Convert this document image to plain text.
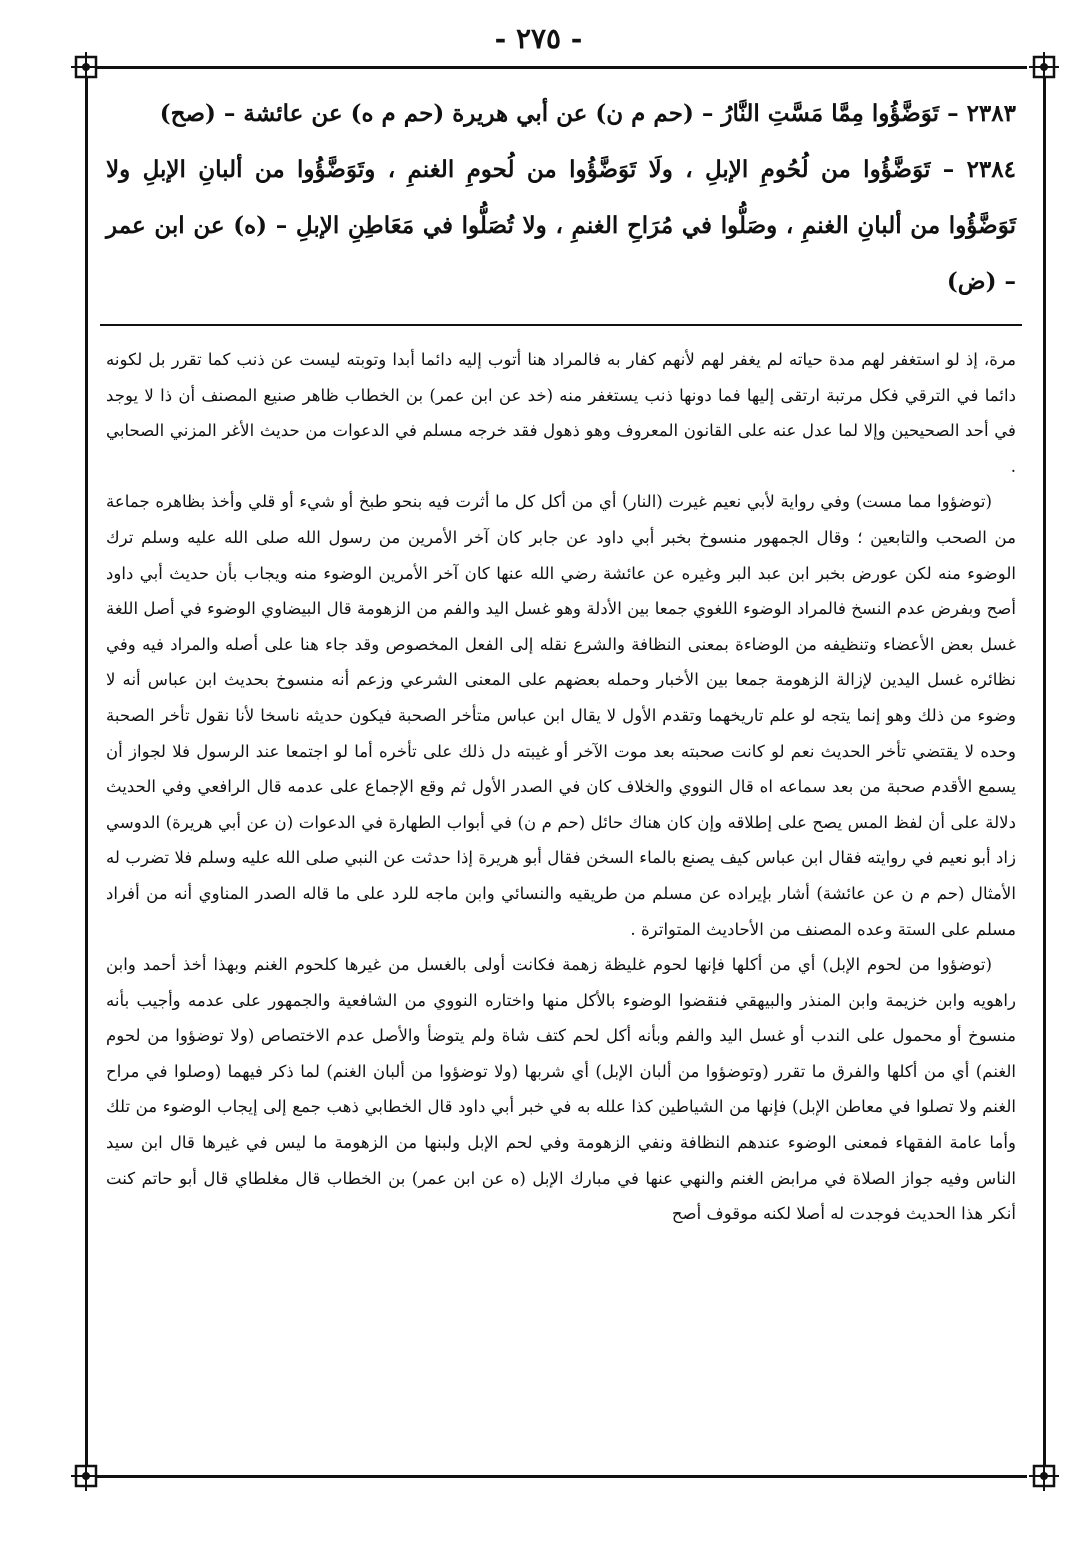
- ٢٧٥ -

٢٣٨٣ – تَوَضَّؤُوا مِمَّا مَسَّتِ النَّارُ – (حم م ن) عن أبي هريرة (حم م ه) عن عائشة – (صح)

٢٣٨٤ – تَوَضَّؤُوا من لُحُومِ الإبلِ ، ولَا تَوَضَّؤُوا من لُحومِ الغنمِ ، وتَوَضَّؤُوا من ألبانِ الإبلِ ولا تَوَضَّؤُوا من ألبانِ الغنمِ ، وصَلُّوا في مُرَاحِ الغنمِ ، ولا تُصَلُّوا في مَعَاطِنِ الإبلِ – (ه) عن ابن عمر – (ض)

مرة، إذ لو استغفر لهم مدة حياته لم يغفر لهم لأنهم كفار به فالمراد هنا أتوب إليه دائما أبدا وتوبته ليست عن ذنب كما تقرر بل لكونه دائما في الترقي فكل مرتبة ارتقى إليها فما دونها ذنب يستغفر منه (خد عن ابن عمر) بن الخطاب ظاهر صنيع المصنف أن ذا لا يوجد في أحد الصحيحين وإلا لما عدل عنه على القانون المعروف وهو ذهول فقد خرجه مسلم في الدعوات من حديث الأغر المزني الصحابي .

(توضؤوا مما مست) وفي رواية لأبي نعيم غيرت (النار) أي من أكل كل ما أثرت فيه بنحو طبخ أو شيء أو قلي وأخذ بظاهره جماعة من الصحب والتابعين ؛ وقال الجمهور منسوخ بخبر أبي داود عن جابر كان آخر الأمرين من رسول الله صلى الله عليه وسلم ترك الوضوء منه لكن عورض بخبر ابن عبد البر وغيره عن عائشة رضي الله عنها كان آخر الأمرين الوضوء منه ويجاب بأن حديث أبي داود أصح وبفرض عدم النسخ فالمراد الوضوء اللغوي جمعا بين الأدلة وهو غسل اليد والفم من الزهومة قال البيضاوي الوضوء في أصل اللغة غسل بعض الأعضاء وتنظيفه من الوضاءة بمعنى النظافة والشرع نقله إلى الفعل المخصوص وقد جاء هنا على أصله والمراد فيه وفي نظائره غسل اليدين لإزالة الزهومة جمعا بين الأخبار وحمله بعضهم على المعنى الشرعي وزعم أنه منسوخ بحديث ابن عباس أنه لا وضوء من ذلك وهو إنما يتجه لو علم تاريخهما وتقدم الأول لا يقال ابن عباس متأخر الصحبة فيكون حديثه ناسخا لأنا نقول تأخر الصحبة وحده لا يقتضي تأخر الحديث نعم لو كانت صحبته بعد موت الآخر أو غيبته دل ذلك على تأخره أما لو اجتمعا عند الرسول فلا لجواز أن يسمع الأقدم صحبة من بعد سماعه اه قال النووي والخلاف كان في الصدر الأول ثم وقع الإجماع على عدمه قال الرافعي وفي الحديث دلالة على أن لفظ المس يصح على إطلاقه وإن كان هناك حائل (حم م ن) في أبواب الطهارة في الدعوات (ن عن أبي هريرة) الدوسي زاد أبو نعيم في روايته فقال ابن عباس كيف يصنع بالماء السخن فقال أبو هريرة إذا حدثت عن النبي صلى الله عليه وسلم فلا تضرب له الأمثال (حم م ن عن عائشة) أشار بإيراده عن مسلم من طريقيه والنسائي وابن ماجه للرد على ما قاله الصدر المناوي أنه من أفراد مسلم على الستة وعده المصنف من الأحاديث المتواترة .

(توضؤوا من لحوم الإبل) أي من أكلها فإنها لحوم غليظة زهمة فكانت أولى بالغسل من غيرها كلحوم الغنم وبهذا أخذ أحمد وابن راهويه وابن خزيمة وابن المنذر والبيهقي فنقضوا الوضوء بالأكل منها واختاره النووي من الشافعية والجمهور على عدمه وأجيب بأنه منسوخ أو محمول على الندب أو غسل اليد والفم وبأنه أكل لحم كتف شاة ولم يتوضأ والأصل عدم الاختصاص (ولا توضؤوا من لحوم الغنم) أي من أكلها والفرق ما تقرر (وتوضؤوا من ألبان الإبل) أي شربها (ولا توضؤوا من ألبان الغنم) لما ذكر فيهما (وصلوا في مراح الغنم ولا تصلوا في معاطن الإبل) فإنها من الشياطين كذا علله به في خبر أبي داود قال الخطابي ذهب جمع إلى إيجاب الوضوء من تلك وأما عامة الفقهاء فمعنى الوضوء عندهم النظافة ونفي الزهومة وفي لحم الإبل ولبنها من الزهومة ما ليس في غيرها قال ابن سيد الناس وفيه جواز الصلاة في مرابض الغنم والنهي عنها في مبارك الإبل (ه عن ابن عمر) بن الخطاب قال مغلطاي قال أبو حاتم كنت أنكر هذا الحديث فوجدت له أصلا لكنه موقوف أصح
